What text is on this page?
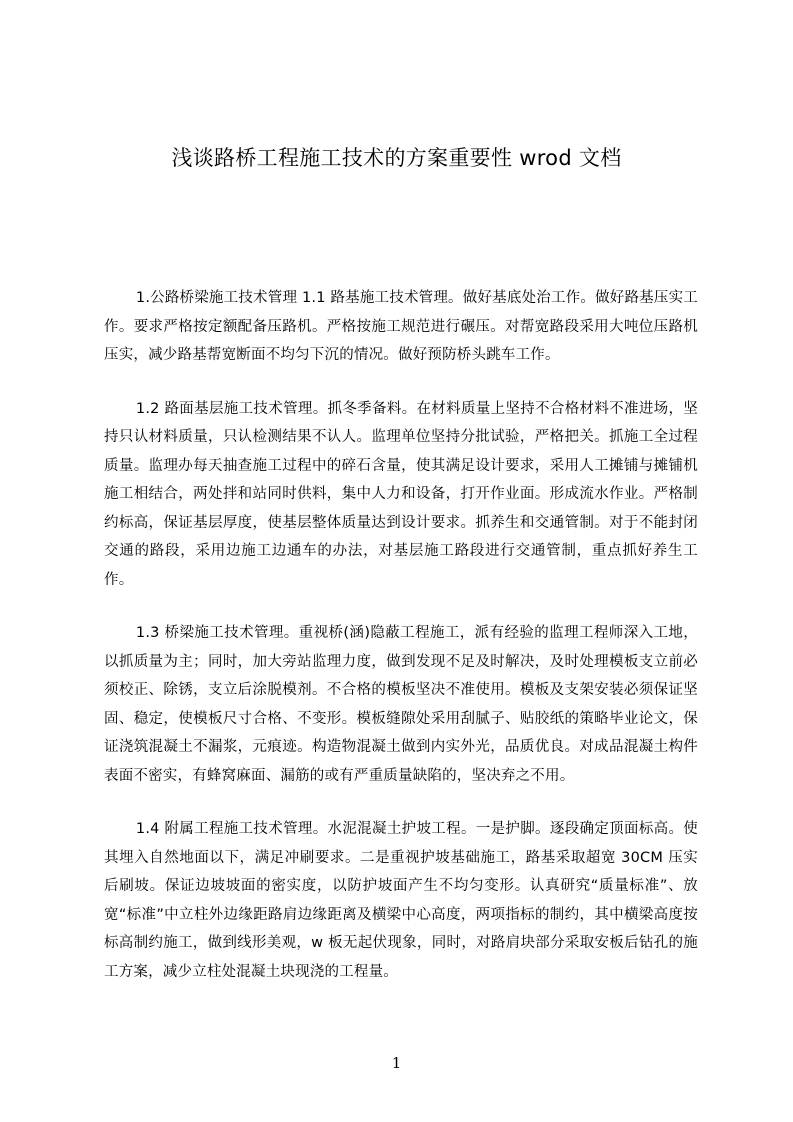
浅谈路桥工程施工技术的方案重要性 wrod 文档

1.公路桥梁施工技术管理 1.1 路基施工技术管理。做好基底处治工作。做好路基压实工作。要求严格按定额配备压路机。严格按施工规范进行碾压。对帮宽路段采用大吨位压路机压实，减少路基帮宽断面不均匀下沉的情况。做好预防桥头跳车工作。

1.2 路面基层施工技术管理。抓冬季备料。在材料质量上坚持不合格材料不准进场，坚持只认材料质量，只认检测结果不认人。监理单位坚持分批试验，严格把关。抓施工全过程质量。监理办每天抽查施工过程中的碎石含量，使其满足设计要求，采用人工摊铺与摊铺机施工相结合，两处拌和站同时供料，集中人力和设备，打开作业面。形成流水作业。严格制约标高，保证基层厚度，使基层整体质量达到设计要求。抓养生和交通管制。对于不能封闭交通的路段，采用边施工边通车的办法，对基层施工路段进行交通管制，重点抓好养生工作。

1.3 桥梁施工技术管理。重视桥(涵)隐蔽工程施工，派有经验的监理工程师深入工地，以抓质量为主；同时，加大旁站监理力度，做到发现不足及时解决，及时处理模板支立前必须校正、除锈，支立后涂脱模剂。不合格的模板坚决不准使用。模板及支架安装必须保证坚固、稳定，使模板尺寸合格、不变形。模板缝隙处采用刮腻子、贴胶纸的策略毕业论文，保证浇筑混凝土不漏浆，元痕迹。构造物混凝土做到内实外光，品质优良。对成品混凝土构件表面不密实，有蜂窝麻面、漏筋的或有严重质量缺陷的，坚决弃之不用。

1.4 附属工程施工技术管理。水泥混凝土护坡工程。一是护脚。逐段确定顶面标高。使其埋入自然地面以下，满足冲刷要求。二是重视护坡基础施工，路基采取超宽 30CM 压实后刷坡。保证边坡坡面的密实度，以防护坡面产生不均匀变形。认真研究“质量标准”、放宽“标准”中立柱外边缘距路肩边缘距离及横梁中心高度，两项指标的制约，其中横梁高度按标高制约施工，做到线形美观，w 板无起伏现象，同时，对路肩块部分采取安板后钻孔的施工方案，减少立柱处混凝土块现浇的工程量。

1
